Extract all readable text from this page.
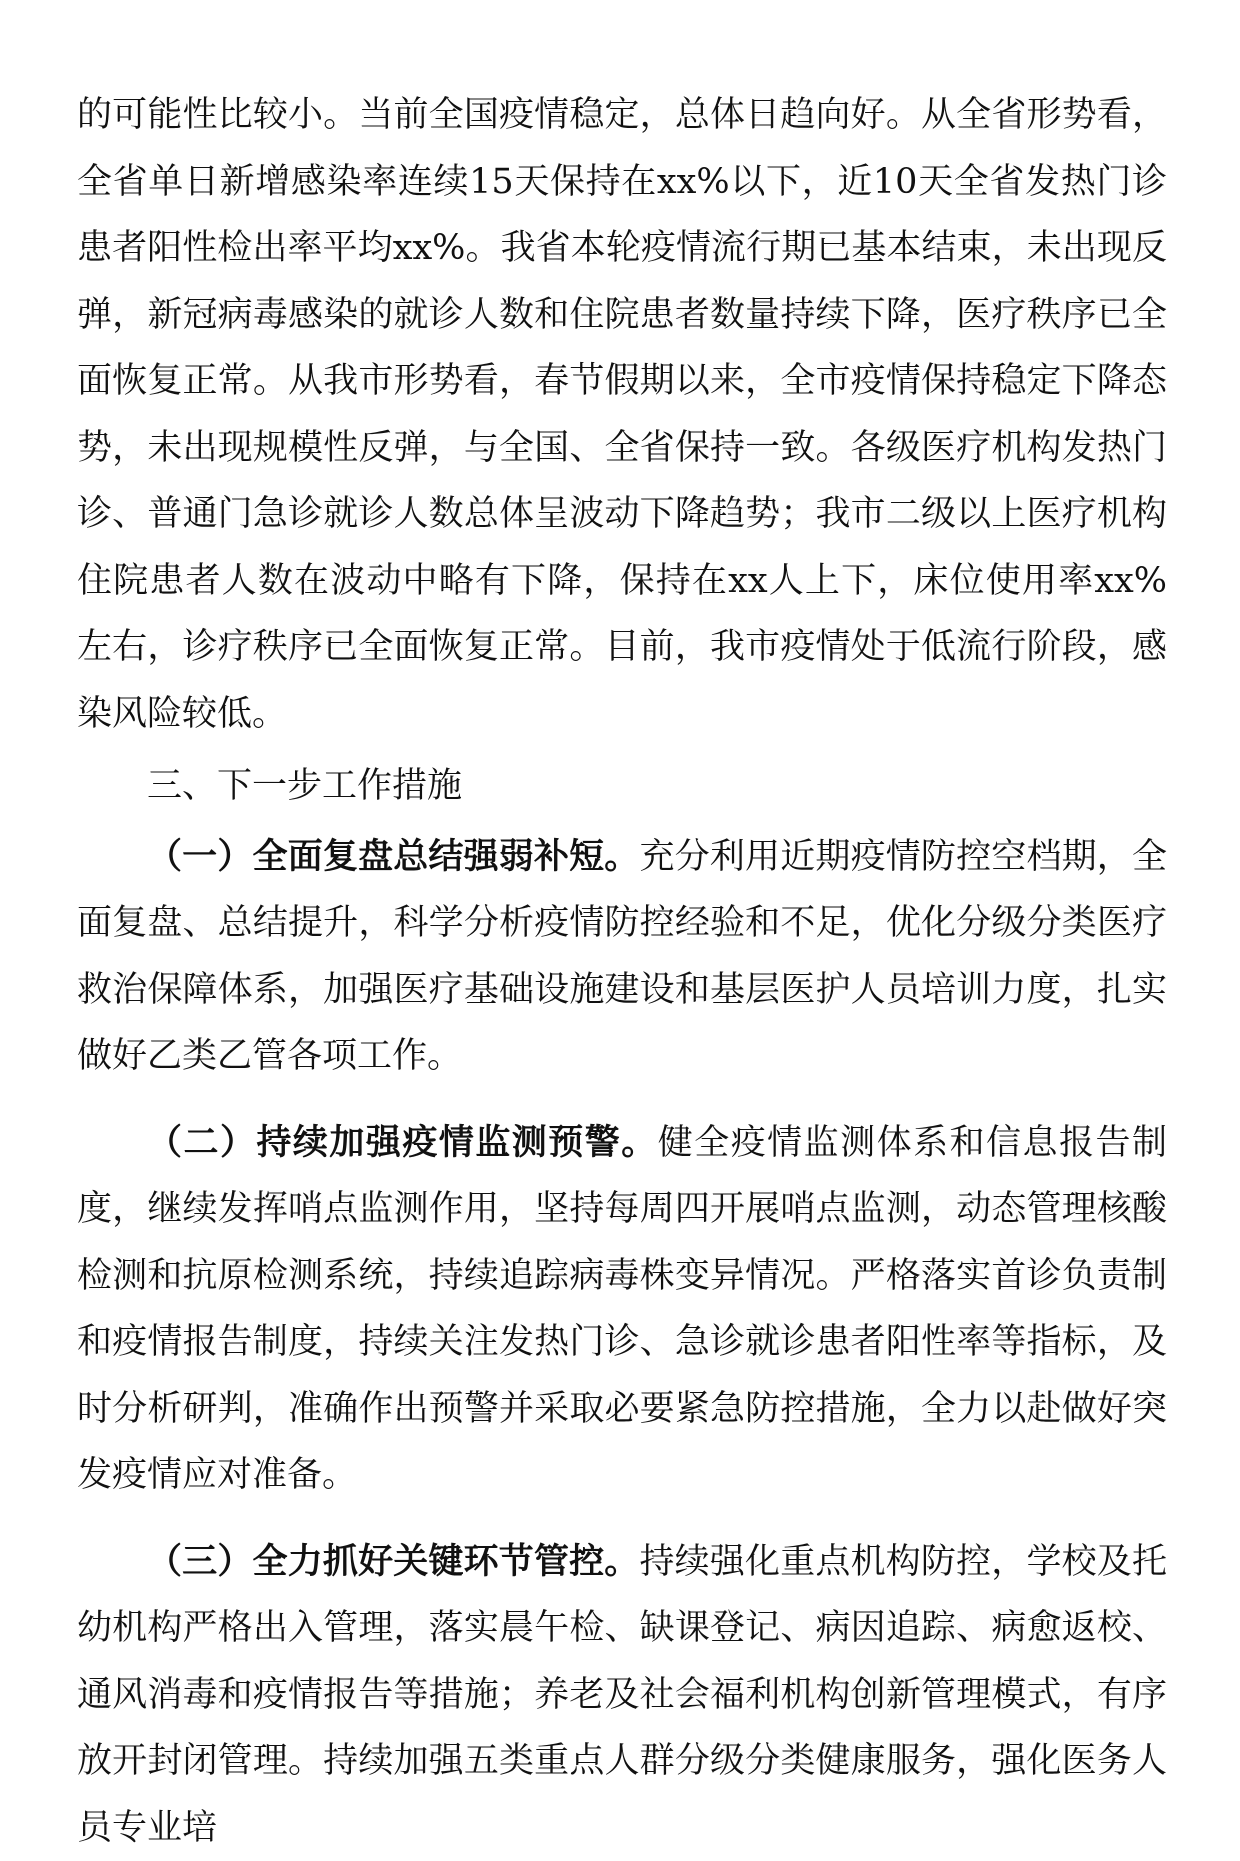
的可能性比较小。当前全国疫情稳定，总体日趋向好。从全省形势看，全省单日新增感染率连续15天保持在xx%以下，近10天全省发热门诊患者阳性检出率平均xx%。我省本轮疫情流行期已基本结束，未出现反弹，新冠病毒感染的就诊人数和住院患者数量持续下降，医疗秩序已全面恢复正常。从我市形势看，春节假期以来，全市疫情保持稳定下降态势，未出现规模性反弹，与全国、全省保持一致。各级医疗机构发热门诊、普通门急诊就诊人数总体呈波动下降趋势；我市二级以上医疗机构住院患者人数在波动中略有下降，保持在xx人上下，床位使用率xx%左右，诊疗秩序已全面恢复正常。目前，我市疫情处于低流行阶段，感染风险较低。

三、下一步工作措施

（一）全面复盘总结强弱补短。充分利用近期疫情防控空档期，全面复盘、总结提升，科学分析疫情防控经验和不足，优化分级分类医疗救治保障体系，加强医疗基础设施建设和基层医护人员培训力度，扎实做好乙类乙管各项工作。

（二）持续加强疫情监测预警。健全疫情监测体系和信息报告制度，继续发挥哨点监测作用，坚持每周四开展哨点监测，动态管理核酸检测和抗原检测系统，持续追踪病毒株变异情况。严格落实首诊负责制和疫情报告制度，持续关注发热门诊、急诊就诊患者阳性率等指标，及时分析研判，准确作出预警并采取必要紧急防控措施，全力以赴做好突发疫情应对准备。

（三）全力抓好关键环节管控。持续强化重点机构防控，学校及托幼机构严格出入管理，落实晨午检、缺课登记、病因追踪、病愈返校、通风消毒和疫情报告等措施；养老及社会福利机构创新管理模式，有序放开封闭管理。持续加强五类重点人群分级分类健康服务，强化医务人员专业培
